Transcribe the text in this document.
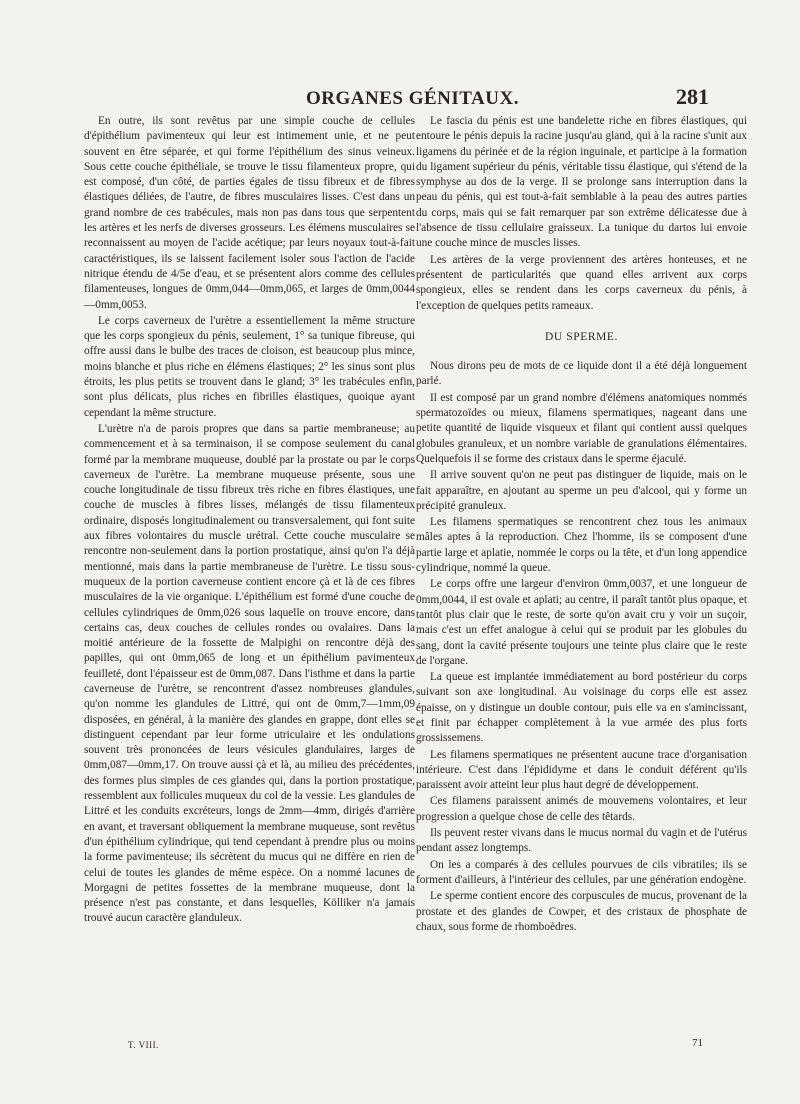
ORGANES GÉNITAUX.	281

En outre, ils sont revêtus par une simple couche de cellules d'épithélium pavimenteux qui leur est intimement unie, et ne peut souvent en être séparée, et qui forme l'épithélium des sinus veineux. Sous cette couche épithéliale, se trouve le tissu filamenteux propre, qui est composé, d'un côté, de parties égales de tissu fibreux et de fibres élastiques déliées, de l'autre, de fibres musculaires lisses. C'est dans un grand nombre de ces trabécules, mais non pas dans tous que serpentent les artères et les nerfs de diverses grosseurs. Les élémens musculaires se reconnaissent au moyen de l'acide acétique; par leurs noyaux tout-à-fait caractéristiques, ils se laissent facilement isoler sous l'action de l'acide nitrique étendu de 4/5e d'eau, et se présentent alors comme des cellules filamenteuses, longues de 0mm,044—0mm,065, et larges de 0mm,0044—0mm,0053.

Le corps caverneux de l'urètre a essentiellement la même structure que les corps spongieux du pénis, seulement, 1° sa tunique fibreuse, qui offre aussi dans le bulbe des traces de cloison, est beaucoup plus mince, moins blanche et plus riche en élémens élastiques; 2° les sinus sont plus étroits, les plus petits se trouvent dans le gland; 3° les trabécules enfin, sont plus délicats, plus riches en fibrilles élastiques, quoique ayant cependant la même structure.

L'urètre n'a de parois propres que dans sa partie membraneuse; au commencement et à sa terminaison, il se compose seulement du canal formé par la membrane muqueuse, doublé par la prostate ou par le corps caverneux de l'urètre. La membrane muqueuse présente, sous une couche longitudinale de tissu fibreux très riche en fibres élastiques, une couche de muscles à fibres lisses, mélangés de tissu filamenteux ordinaire, disposés longitudinalement ou transversalement, qui font suite aux fibres volontaires du muscle urétral. Cette couche musculaire se rencontre non-seulement dans la portion prostatique, ainsi qu'on l'a déjà mentionné, mais dans la partie membraneuse de l'urètre. Le tissu sous-muqueux de la portion caverneuse contient encore çà et là de ces fibres musculaires de la vie organique. L'épithélium est formé d'une couche de cellules cylindriques de 0mm,026 sous laquelle on trouve encore, dans certains cas, deux couches de cellules rondes ou ovalaires. Dans la moitié antérieure de la fossette de Malpighi on rencontre déjà des papilles, qui ont 0mm,065 de long et un épithélium pavimenteux feuilleté, dont l'épaisseur est de 0mm,087. Dans l'isthme et dans la partie caverneuse de l'urètre, se rencontrent d'assez nombreuses glandules, qu'on nomme les glandules de Littré, qui ont de 0mm,7—1mm,09 disposées, en général, à la manière des glandes en grappe, dont elles se distinguent cependant par leur forme utriculaire et les ondulations souvent très prononcées de leurs vésicules glandulaires, larges de 0mm,087—0mm,17. On trouve aussi çà et là, au milieu des précédentes, des formes plus simples de ces glandes qui, dans la portion prostatique, ressemblent aux follicules muqueux du col de la vessie. Les glandules de Littré et les conduits excréteurs, longs de 2mm—4mm, dirigés d'arrière en avant, et traversant obliquement la membrane muqueuse, sont revêtus d'un épithélium cylindrique, qui tend cependant à prendre plus ou moins la forme pavimenteuse; ils sécrètent du mucus qui ne diffère en rien de celui de toutes les glandes de même espèce. On a nommé lacunes de Morgagni de petites fossettes de la membrane muqueuse, dont la présence n'est pas constante, et dans lesquelles, Kölliker n'a jamais trouvé aucun caractère glanduleux.

Le fascia du pénis est une bandelette riche en fibres élastiques, qui entoure le pénis depuis la racine jusqu'au gland, qui à la racine s'unit aux ligamens du périnée et de la région inguinale, et participe à la formation du ligament supérieur du pénis, véritable tissu élastique, qui s'étend de la symphyse au dos de la verge. Il se prolonge sans interruption dans la peau du pénis, qui est tout-à-fait semblable à la peau des autres parties du corps, mais qui se fait remarquer par son extrême délicatesse due à l'absence de tissu cellulaire graisseux. La tunique du dartos lui envoie une couche mince de muscles lisses.

Les artères de la verge proviennent des artères honteuses, et ne présentent de particularités que quand elles arrivent aux corps spongieux, elles se rendent dans les corps caverneux du pénis, à l'exception de quelques petits rameaux.

DU SPERME.

Nous dirons peu de mots de ce liquide dont il a été déjà longuement parlé.

Il est composé par un grand nombre d'élémens anatomiques nommés spermatozoïdes ou mieux, filamens spermatiques, nageant dans une petite quantité de liquide visqueux et filant qui contient aussi quelques globules granuleux, et un nombre variable de granulations élémentaires. Quelquefois il se forme des cristaux dans le sperme éjaculé.

Il arrive souvent qu'on ne peut pas distinguer de liquide, mais on le fait apparaître, en ajoutant au sperme un peu d'alcool, qui y forme un précipité granuleux.

Les filamens spermatiques se rencontrent chez tous les animaux mâles aptes à la reproduction. Chez l'homme, ils se composent d'une partie large et aplatie, nommée le corps ou la tête, et d'un long appendice cylindrique, nommé la queue.

Le corps offre une largeur d'environ 0mm,0037, et une longueur de 0mm,0044, il est ovale et aplati; au centre, il paraît tantôt plus opaque, et tantôt plus clair que le reste, de sorte qu'on avait cru y voir un suçoir, mais c'est un effet analogue à celui qui se produit par les globules du sang, dont la cavité présente toujours une teinte plus claire que le reste de l'organe.

La queue est implantée immédiatement au bord postérieur du corps suivant son axe longitudinal. Au voisinage du corps elle est assez épaisse, on y distingue un double contour, puis elle va en s'amincissant, et finit par échapper complètement à la vue armée des plus forts grossissemens.

Les filamens spermatiques ne présentent aucune trace d'organisation intérieure. C'est dans l'épididyme et dans le conduit déférent qu'ils paraissent avoir atteint leur plus haut degré de développement.

Ces filamens paraissent animés de mouvemens volontaires, et leur progression a quelque chose de celle des têtards.

Ils peuvent rester vivans dans le mucus normal du vagin et de l'utérus pendant assez longtemps.

On les a comparés à des cellules pourvues de cils vibratiles; ils se forment d'ailleurs, à l'intérieur des cellules, par une génération endogène.

Le sperme contient encore des corpuscules de mucus, provenant de la prostate et des glandes de Cowper, et des cristaux de phosphate de chaux, sous forme de rhomboèdres.

T. VIII.	71
